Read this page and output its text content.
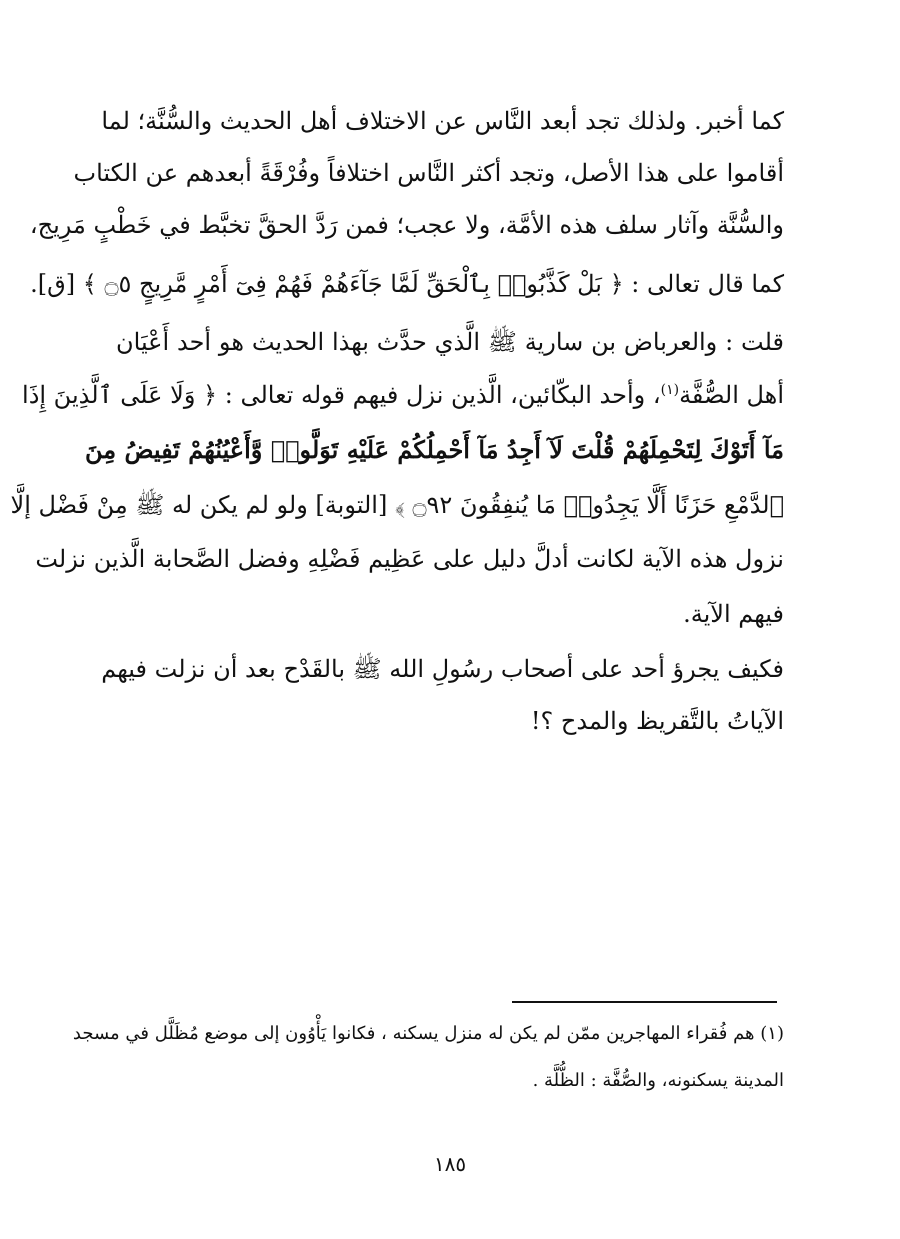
كما أخبر. ولذلك تجد أبعد النَّاس عن الاختلاف أهل الحديث والسُّنَّة؛ لما
أقاموا على هذا الأصل، وتجد أكثر النَّاس اختلافاً وفُرْقَةً أبعدهم عن الكتاب
والسُّنَّة وآثار سلف هذه الأمَّة، ولا عجب؛ فمن رَدَّ الحقَّ تخبَّط في خَطْبٍ مَرِيج،
كما قال تعالى : ﴿ بَلْ كَذَّبُوا۟ بِٱلْحَقِّ لَمَّا جَآءَهُمْ فَهُمْ فِىٓ أَمْرٍ مَّرِيجٍ ۝٥ ﴾ [ق].
قلت : والعرباض بن سارية ﷺ الَّذي حدَّث بهذا الحديث هو أحد أَعْيَان
أهل الصُّفَّة$^{(١)}$، وأحد البكّائين، الَّذين نزل فيهم قوله تعالى : ﴿ وَلَا عَلَى ٱلَّذِينَ إِذَا
مَآ أَتَوْكَ لِتَحْمِلَهُمْ قُلْتَ لَآ أَجِدُ مَآ أَحْمِلُكُمْ عَلَيْهِ تَوَلَّوا۟ وَّأَعْيُنُهُمْ تَفِيضُ مِنَ
ٱلدَّمْعِ حَزَنًا أَلَّا يَجِدُوا۟ مَا يُنفِقُونَ ۝٩٢ ﴾ [التوبة] ولو لم يكن له ﷺ مِنْ فَضْل إلَّا
نزول هذه الآية لكانت أدلَّ دليل على عَظِيم فَضْلِهِ وفضل الصَّحابة الَّذين نزلت
فيهم الآية.
فكيف يجرؤ أحد على أصحاب رسُولِ الله ﷺ بالقَدْح بعد أن نزلت فيهم
الآياتُ بالتَّقريظ والمدح ؟!
(١) هم فُقراء المهاجرين ممّن لم يكن له منزل يسكنه ، فكانوا يَأْوُون إلى موضع مُظَلَّل في مسجد
المدينة يسكنونه، والصُّفَّة : الظُّلَّة .
١٨٥
